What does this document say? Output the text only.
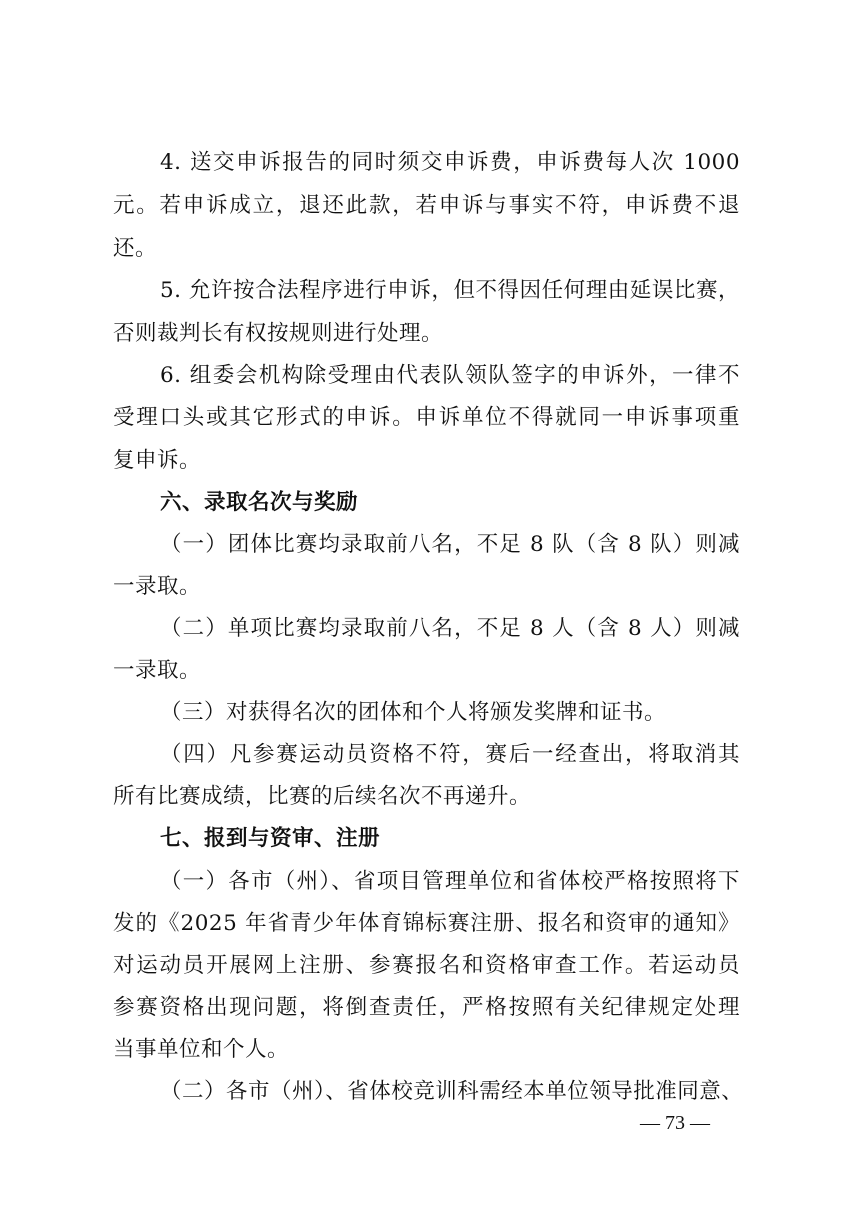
4. 送交申诉报告的同时须交申诉费，申诉费每人次 1000
元。若申诉成立，退还此款，若申诉与事实不符，申诉费不退
还。
5. 允许按合法程序进行申诉，但不得因任何理由延误比赛，
否则裁判长有权按规则进行处理。
6. 组委会机构除受理由代表队领队签字的申诉外，一律不
受理口头或其它形式的申诉。申诉单位不得就同一申诉事项重
复申诉。
六、录取名次与奖励
（一）团体比赛均录取前八名，不足 8 队（含 8 队）则减
一录取。
（二）单项比赛均录取前八名，不足 8 人（含 8 人）则减
一录取。
（三）对获得名次的团体和个人将颁发奖牌和证书。
（四）凡参赛运动员资格不符，赛后一经查出，将取消其
所有比赛成绩，比赛的后续名次不再递升。
七、报到与资审、注册
（一）各市（州）、省项目管理单位和省体校严格按照将下
发的《2025 年省青少年体育锦标赛注册、报名和资审的通知》
对运动员开展网上注册、参赛报名和资格审查工作。若运动员
参赛资格出现问题，将倒查责任，严格按照有关纪律规定处理
当事单位和个人。
（二）各市（州）、省体校竞训科需经本单位领导批准同意、
— 73 —
